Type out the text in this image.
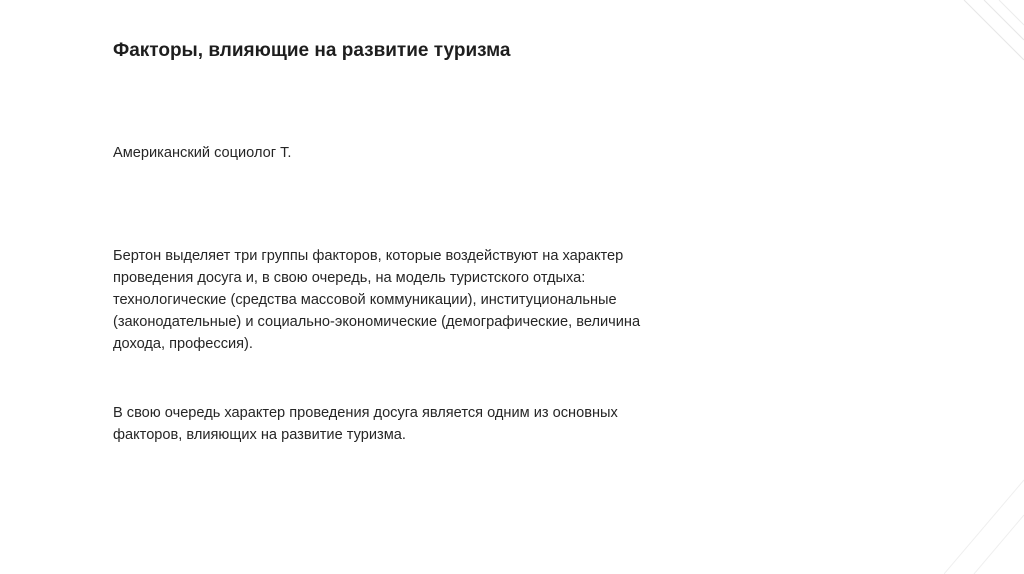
Факторы, влияющие на развитие туризма

Американский социолог Т.

Бертон выделяет три группы факторов, которые воздействуют на характер
проведения досуга и, в свою очередь, на модель туристского отдыха:
технологические (средства массовой коммуникации), институциональные
(законодательные) и социально-экономические (демографические, величина
дохода, профессия).

В свою очередь характер проведения досуга является одним из основных
факторов, влияющих на развитие туризма.
